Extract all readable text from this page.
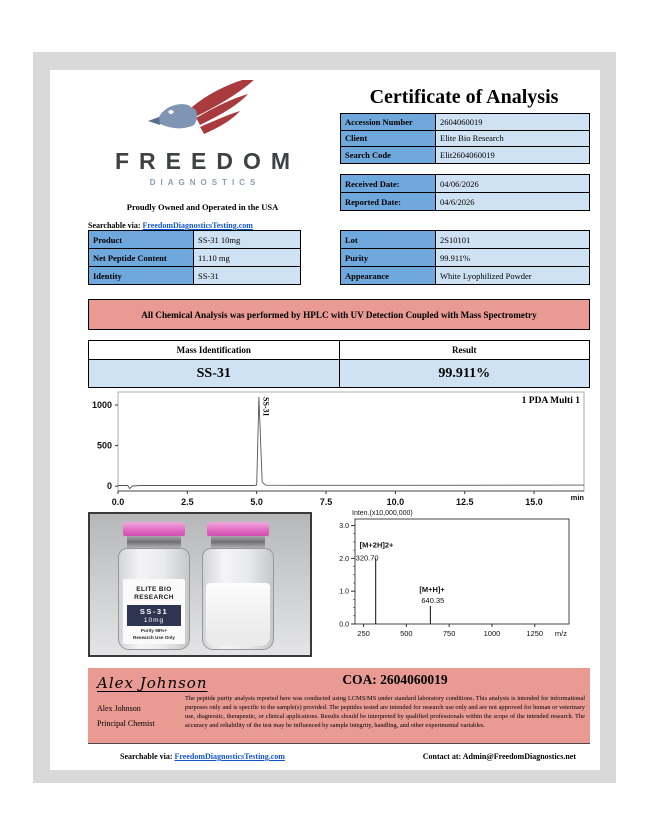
FREEDOM
DIAGNOSTICS
Proudly Owned and Operated in the USA
Searchable via: FreedomDiagnosticsTesting.com
Certificate of Analysis
Accession Number	2604060019
Client	Elite Bio Research
Search Code	Elit2604060019
Received Date:	04/06/2026
Reported Date:	04/6/2026
Product	SS-31 10mg
Net Peptide Content	11.10 mg
Identity	SS-31
Lot	2S10101
Purity	99.911%
Appearance	White Lyophilized Powder
All Chemical Analysis was performed by HPLC with UV Detection Coupled with Mass Spectrometry
Mass Identification	Result
SS-31	99.911%
0
500
1000
0.0	2.5	5.0	7.5	10.0	12.5	15.0	min
SS-31	1 PDA Multi 1
ELITE BIO
RESEARCH
SS-31
10mg
Purity 98%+
Research Use Only
Inten.(x10,000,000)
0.0
1.0
2.0
3.0
250	500	750	1000	1250 m/z
[M+2H]2+
320.70
[M+H]+
640.35
Alex Johnson
Alex Johnson
Principal Chemist
COA: 2604060019
The peptide purity analysis reported here was conducted using LCMS/MS under standard laboratory conditions. This analysis is intended for informational purposes only and is specific to the sample(s) provided. The peptides tested are intended for research use only and are not approved for human or veterinary use, diagnostic, therapeutic, or clinical applications. Results should be interpreted by qualified professionals within the scope of the intended research. The accuracy and reliability of the test may be influenced by sample integrity, handling, and other experimental variables.
Searchable via: FreedomDiagnosticsTesting.com	Contact at: Admin@FreedomDiagnostics.net
